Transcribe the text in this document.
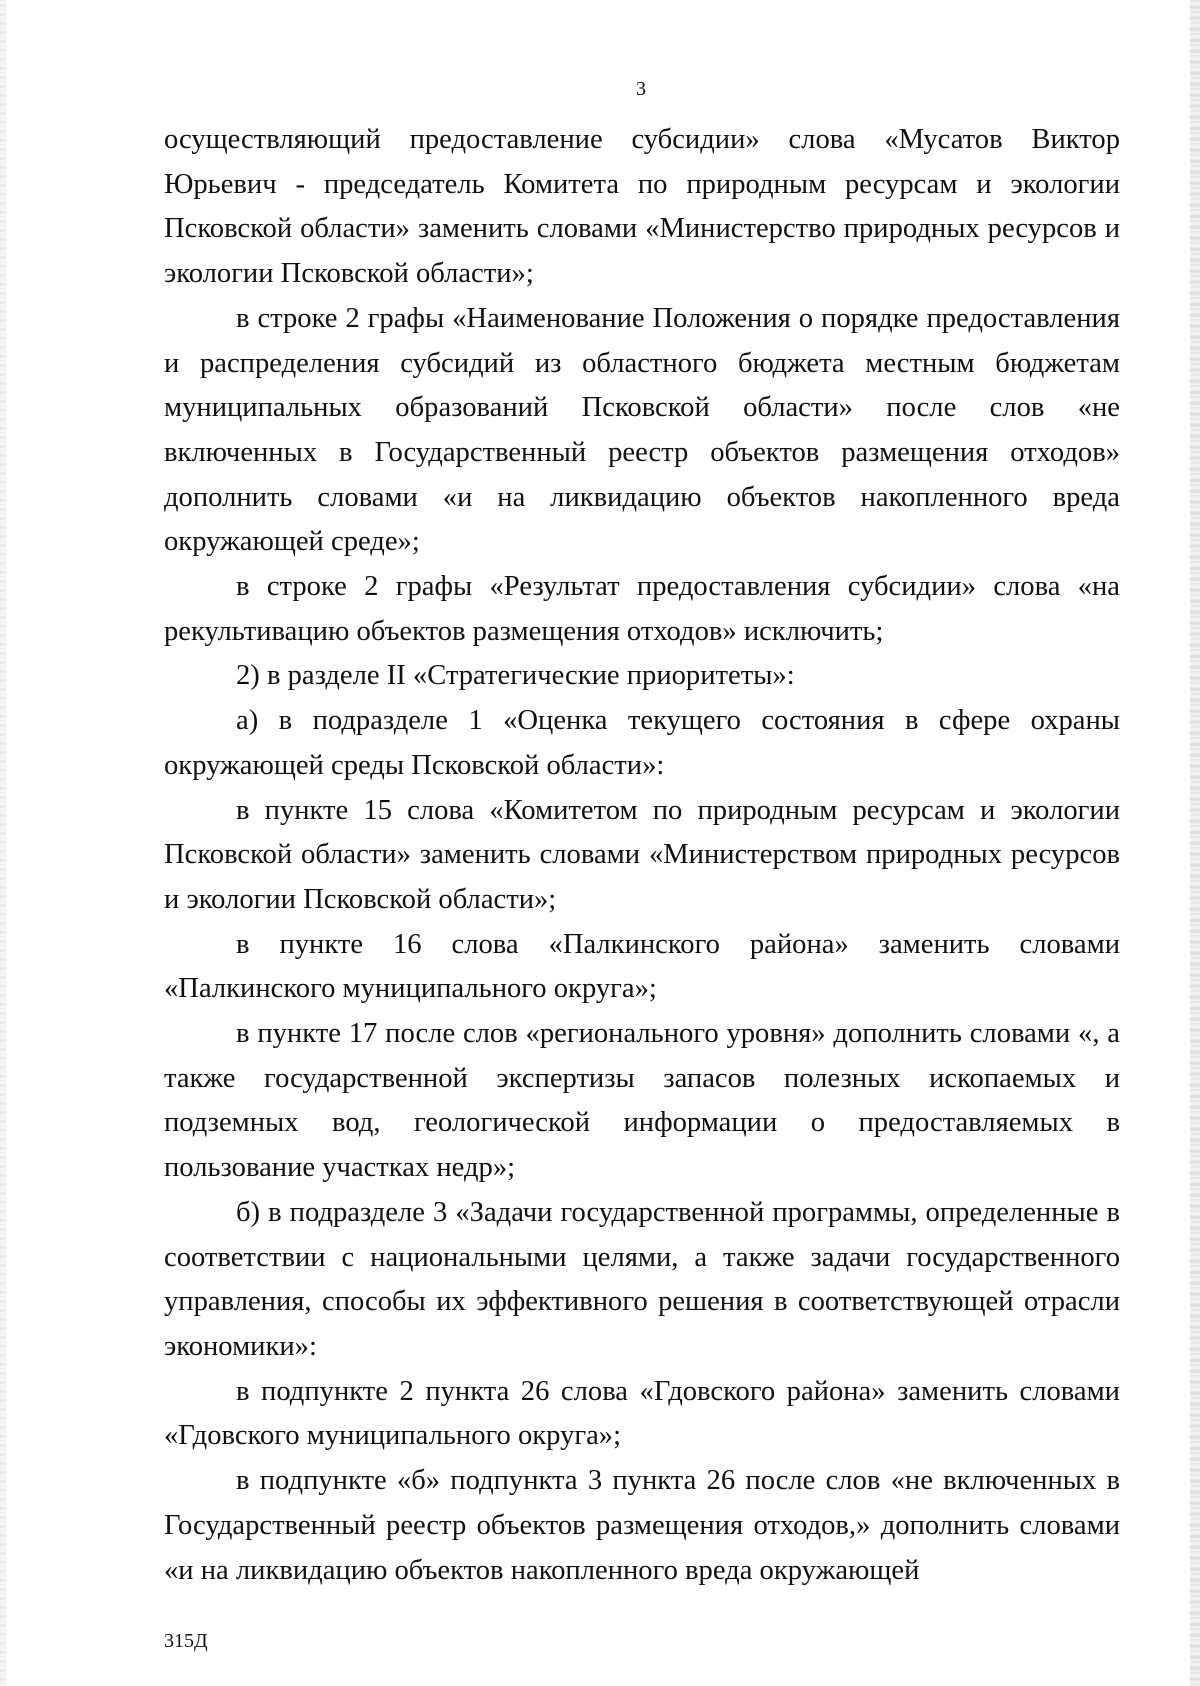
3

осуществляющий предоставление субсидии» слова «Мусатов Виктор Юрьевич - председатель Комитета по природным ресурсам и экологии Псковской области» заменить словами «Министерство природных ресурсов и экологии Псковской области»;

в строке 2 графы «Наименование Положения о порядке предоставления и распределения субсидий из областного бюджета местным бюджетам муниципальных образований Псковской области» после слов «не включенных в Государственный реестр объектов размещения отходов» дополнить словами «и на ликвидацию объектов накопленного вреда окружающей среде»;

в строке 2 графы «Результат предоставления субсидии» слова «на рекультивацию объектов размещения отходов» исключить;

2) в разделе II «Стратегические приоритеты»:

а) в подразделе 1 «Оценка текущего состояния в сфере охраны окружающей среды Псковской области»:

в пункте 15 слова «Комитетом по природным ресурсам и экологии Псковской области» заменить словами «Министерством природных ресурсов и экологии Псковской области»;

в пункте 16 слова «Палкинского района» заменить словами «Палкинского муниципального округа»;

в пункте 17 после слов «регионального уровня» дополнить словами «, а также государственной экспертизы запасов полезных ископаемых и подземных вод, геологической информации о предоставляемых в пользование участках недр»;

б) в подразделе 3 «Задачи государственной программы, определенные в соответствии с национальными целями, а также задачи государственного управления, способы их эффективного решения в соответствующей отрасли экономики»:

в подпункте 2 пункта 26 слова «Гдовского района» заменить словами «Гдовского муниципального округа»;

в подпункте «б» подпункта 3 пункта 26 после слов «не включенных в Государственный реестр объектов размещения отходов,» дополнить словами «и на ликвидацию объектов накопленного вреда окружающей

315Д
